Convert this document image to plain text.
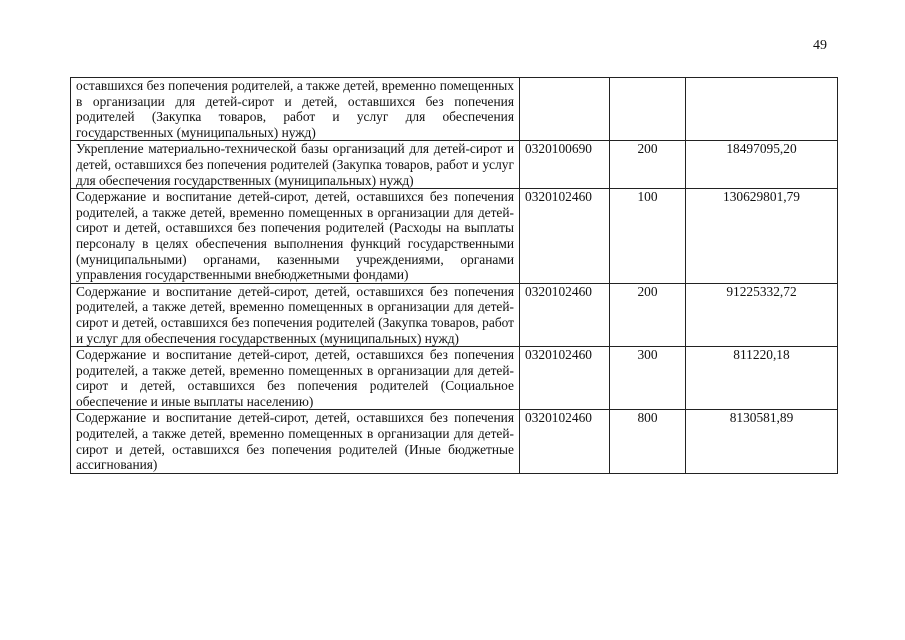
49
оставшихся без попечения родителей, а также детей, временно помещенных в организации для детей-сирот и детей, оставшихся без попечения родителей (Закупка товаров, работ и услуг для обеспечения государственных (муниципальных) нужд)			
Укрепление материально-технической базы организаций для детей-сирот и детей, оставшихся без попечения родителей (Закупка товаров, работ и услуг для обеспечения государственных (муниципальных) нужд)	0320100690	200	18497095,20
Содержание и воспитание детей-сирот, детей, оставшихся без попечения родителей, а также детей, временно помещенных в организации для детей-сирот и детей, оставшихся без попечения родителей (Расходы на выплаты персоналу в целях обеспечения выполнения функций государственными (муниципальными) органами, казенными учреждениями, органами управления государственными внебюджетными фондами)	0320102460	100	130629801,79
Содержание и воспитание детей-сирот, детей, оставшихся без попечения родителей, а также детей, временно помещенных в организации для детей-сирот и детей, оставшихся без попечения родителей (Закупка товаров, работ и услуг для обеспечения государственных (муниципальных) нужд)	0320102460	200	91225332,72
Содержание и воспитание детей-сирот, детей, оставшихся без попечения родителей, а также детей, временно помещенных в организации для детей-сирот и детей, оставшихся без попечения родителей (Социальное обеспечение и иные выплаты населению)	0320102460	300	811220,18
Содержание и воспитание детей-сирот, детей, оставшихся без попечения родителей, а также детей, временно помещенных в организации для детей-сирот и детей, оставшихся без попечения родителей (Иные бюджетные ассигнования)	0320102460	800	8130581,89
